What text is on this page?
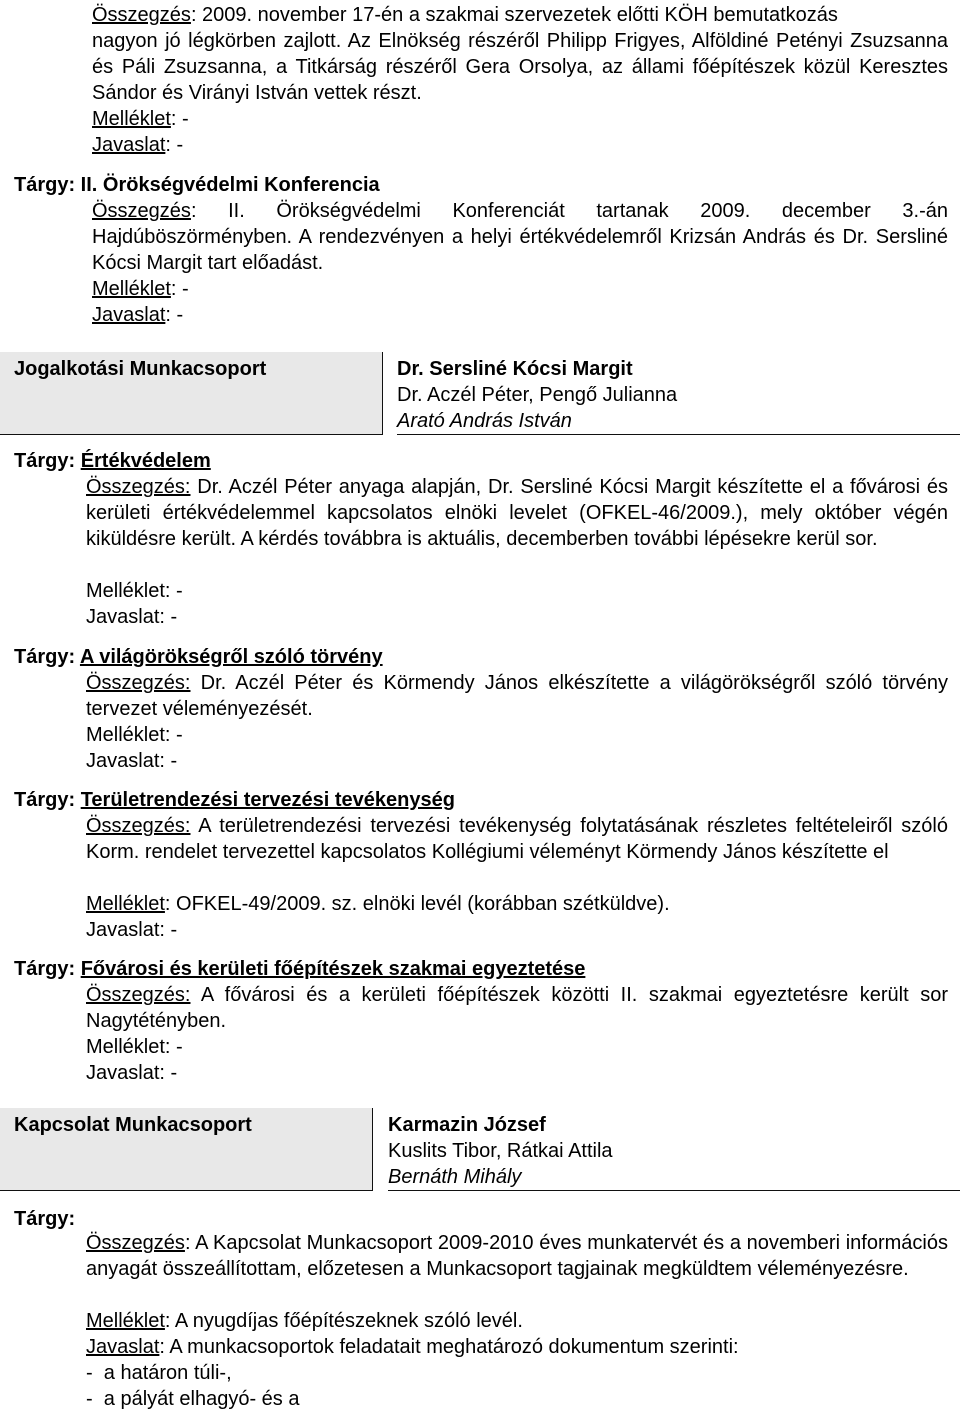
Összegzés: 2009. november 17-én a szakmai szervezetek előtti KÖH bemutatkozás
nagyon jó légkörben zajlott. Az Elnökség részéről Philipp Frigyes, Alföldiné Petényi Zsuzsanna és Páli Zsuzsanna, a Titkárság részéről Gera Orsolya, az állami főépítészek közül Keresztes Sándor és Virányi István vettek részt.
Melléklet: -
Javaslat: -
Tárgy: II. Örökségvédelmi Konferencia
Összegzés: II. Örökségvédelmi Konferenciát tartanak 2009. december 3.-án Hajdúböszörményben. A rendezvényen a helyi értékvédelemről Krizsán András és Dr. Sersliné Kócsi Margit tart előadást.
Melléklet: -
Javaslat: -
Jogalkotási Munkacsoport	Dr. Sersliné Kócsi Margit
Dr. Aczél Péter, Pengő Julianna
Arató András István
Tárgy: Értékvédelem
Összegzés: Dr. Aczél Péter anyaga alapján, Dr. Sersliné Kócsi Margit készítette el a fővárosi és kerületi értékvédelemmel kapcsolatos elnöki levelet (OFKEL-46/2009.), mely október végén kiküldésre került. A kérdés továbbra is aktuális, decemberben további lépésekre kerül sor.
Melléklet: -
Javaslat: -
Tárgy: A világörökségről szóló törvény
Összegzés: Dr. Aczél Péter és Körmendy János elkészítette a világörökségről szóló törvény tervezet véleményezését.
Melléklet: -
Javaslat: -
Tárgy: Területrendezési tervezési tevékenység
Összegzés: A területrendezési tervezési tevékenység folytatásának részletes feltételeiről szóló Korm. rendelet tervezettel kapcsolatos Kollégiumi véleményt Körmendy János készítette el
Melléklet: OFKEL-49/2009. sz. elnöki levél (korábban szétküldve).
Javaslat: -
Tárgy: Fővárosi és kerületi főépítészek szakmai egyeztetése
Összegzés: A fővárosi és a kerületi főépítészek közötti II. szakmai egyeztetésre került sor Nagytétényben.
Melléklet: -
Javaslat: -
Kapcsolat Munkacsoport	Karmazin József
Kuslits Tibor, Rátkai Attila
Bernáth Mihály
Tárgy:
Összegzés: A Kapcsolat Munkacsoport 2009-2010 éves munkatervét és a novemberi információs anyagát összeállítottam, előzetesen a Munkacsoport tagjainak megküldtem véleményezésre.
Melléklet: A nyugdíjas főépítészeknek szóló levél.
Javaslat: A munkacsoportok feladatait meghatározó dokumentum szerinti:
-  a határon túli-,
-  a pályát elhagyó- és a
